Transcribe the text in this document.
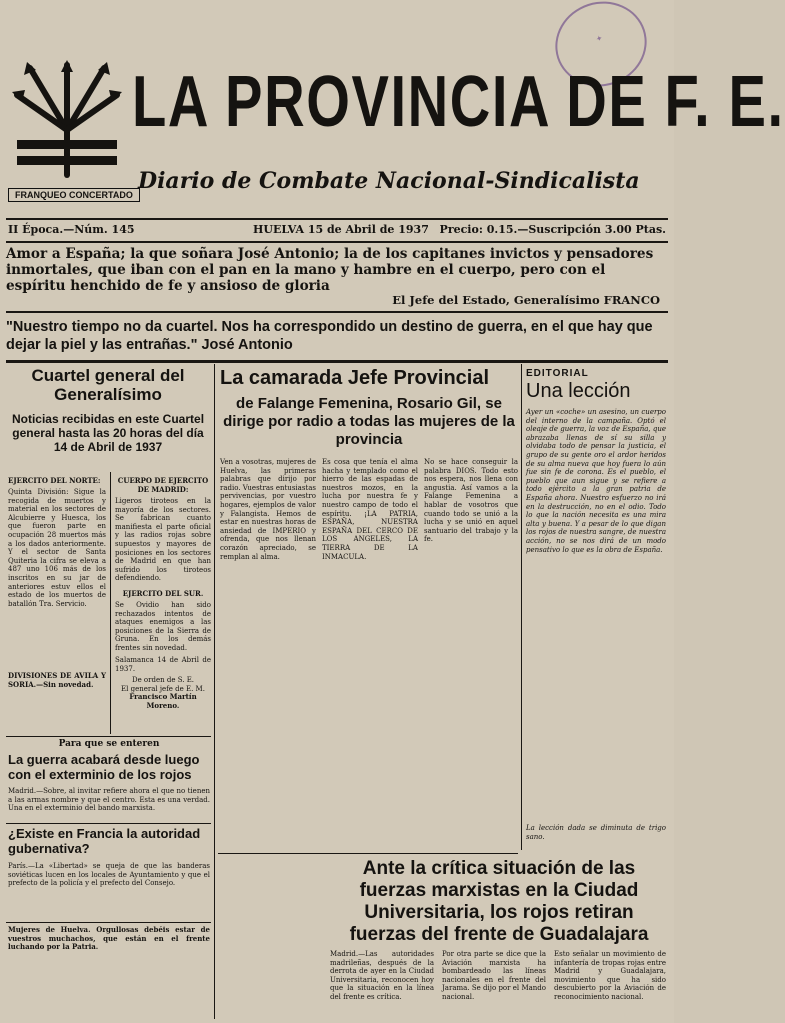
✦
LA PROVINCIA DE F. E.
Diario de Combate Nacional-Sindicalista
FRANQUEO CONCERTADO
II Época.—Núm. 145	HUELVA 15 de Abril de 1937 Precio: 0.15.—Suscripción 3.00 Ptas.
Amor a España; la que soñara José Antonio; la de los capitanes invictos y pensadores inmortales, que iban con el pan en la mano y hambre en el cuerpo, pero con el espíritu henchido de fe y ansioso de gloria
El Jefe del Estado, Generalísimo FRANCO
"Nuestro tiempo no da cuartel. Nos ha correspondido un destino de guerra, en el que hay que dejar la piel y las entrañas." José Antonio
Cuartel general del Generalísimo
Noticias recibidas en este Cuartel general hasta las 20 horas del día 14 de Abril de 1937
EJERCITO DEL NORTE:
Quinta División: Sigue la recogida de muertos y material en los sectores de Alcubierre y Huesca, los que fueron parte en ocupación 28 muertos más a los dados anteriormente. Y el sector de Santa Quiteria la cifra se eleva a 487 uno 106 más de los inscritos en su jar de anteriores estuv ellos el estado de los muertos de batallón Tra. Servicio.
DIVISIONES DE AVILA Y SORIA.—Sin novedad.
CUERPO DE EJERCITO DE MADRID:
Ligeros tiroteos en la mayoría de los sectores. Se fabrican cuanto manifiesta el parte oficial y las radios rojas sobre supuestos y mayores de posiciones en los sectores de Madrid en que han sufrido los tiroteos defendiendo.
EJERCITO DEL SUR.
Se Ovidio han sido rechazados intentos de ataques enemigos a las posiciones de la Sierra de Gruna. En los demás frentes sin novedad.
Salamanca 14 de Abril de 1937.
De orden de S. E.
El general jefe de E. M.
Francisco Martín Moreno.
Para que se enteren
La guerra acabará desde luego con el exterminio de los rojos
Madrid.—Sobre, al invitar refiere ahora el que no tienen a las armas nombre y que el centro. Esta es una verdad. Una en el exterminio del bando marxista.
¿Existe en Francia la autoridad gubernativa?
París.—La «Libertad» se queja de que las banderas soviéticas lucen en los locales de Ayuntamiento y que el prefecto de la policía y el prefecto del Consejo.
Mujeres de Huelva. Orgullosas debéis estar de vuestros muchachos, que están en el frente luchando por la Patria.
La camarada Jefe Provincial
de Falange Femenina, Rosario Gil, se dirige por radio a todas las mujeres de la provincia
Ven a vosotras, mujeres de Huelva, las primeras palabras que dirijo por radio. Vuestras entusiastas pervivencias, por vuestro hogares, ejemplos de valor y Falangista. Hemos de estar en nuestras horas de ansiedad de IMPERIO y ofrenda, que nos llenan corazón apreciado, se remplan al alma.
Es cosa que tenía el alma hacha y templado como el hierro de las espadas de nuestros mozos, en la lucha por nuestra fe y nuestro campo de todo el espíritu. ¡LA PATRIA, ESPAÑA, NUESTRA ESPAÑA DEL CERCO DE LOS ANGELES, LA TIERRA DE LA INMACULA.
No se hace conseguir la palabra DIOS. Todo esto nos espera, nos llena con angustia. Así vamos a la Falange Femenina a hablar de vosotros que cuando todo se unió a la lucha y se unió en aquel santuario del trabajo y la fe.
Ante la crítica situación de las fuerzas marxistas en la Ciudad Universitaria, los rojos retiran fuerzas del frente de Guadalajara
Madrid.—Las autoridades madrileñas, después de la derrota de ayer en la Ciudad Universitaria, reconocen hoy que la situación en la línea del frente es crítica.
Por otra parte se dice que la Aviación marxista ha bombardeado las líneas nacionales en el frente del Jarama. Se dijo por el Mando nacional.
Esto señalar un movimiento de infantería de tropas rojas entre Madrid y Guadalajara, movimiento que ha sido descubierto por la Aviación de reconocimiento nacional.
EDITORIAL
Una lección
Ayer un «coche» un asesino, un cuerpo del interno de la campaña. Optó el oleaje de guerra, la voz de España, que abrazaba llenas de sí su silla y olvidaba todo de pensar la justicia, el grupo de su gente oro el ardor heridos de su alma nueva que hoy fuera lo aún fue sin fe de corona. Es el pueblo, el pueblo que aun sigue y se refiere a todo ejército a la gran patria de España ahora. Nuestro esfuerzo no irá en la destrucción, no en el odio. Todo lo que la nación necesita es una mira alta y buena. Y a pesar de lo que digan los rojos de nuestra sangre, de nuestra acción, no se nos dirá de un modo pensativo lo que es la obra de España.
La lección dada se diminuta de trigo sano.
